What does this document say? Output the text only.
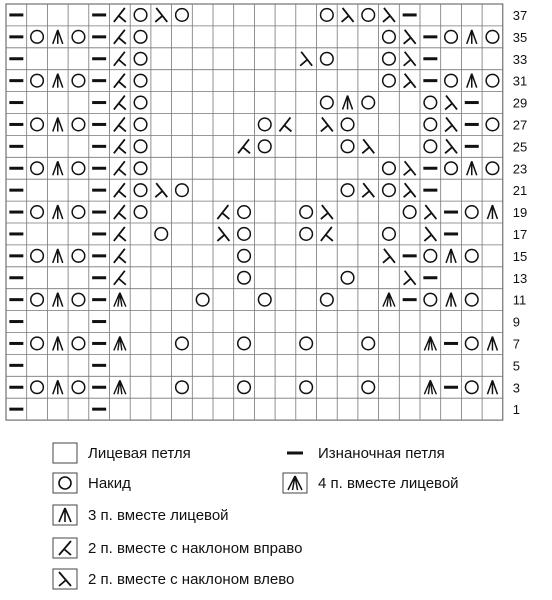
37
35
33
31
29
27
25
23
21
19
17
15
13
11
9
7
5
3
1
Лицевая петля	Изнаночная петля
Накид	4 п. вместе лицевой
3 п. вместе лицевой
2 п. вместе с наклоном вправо
2 п. вместе с наклоном влево
